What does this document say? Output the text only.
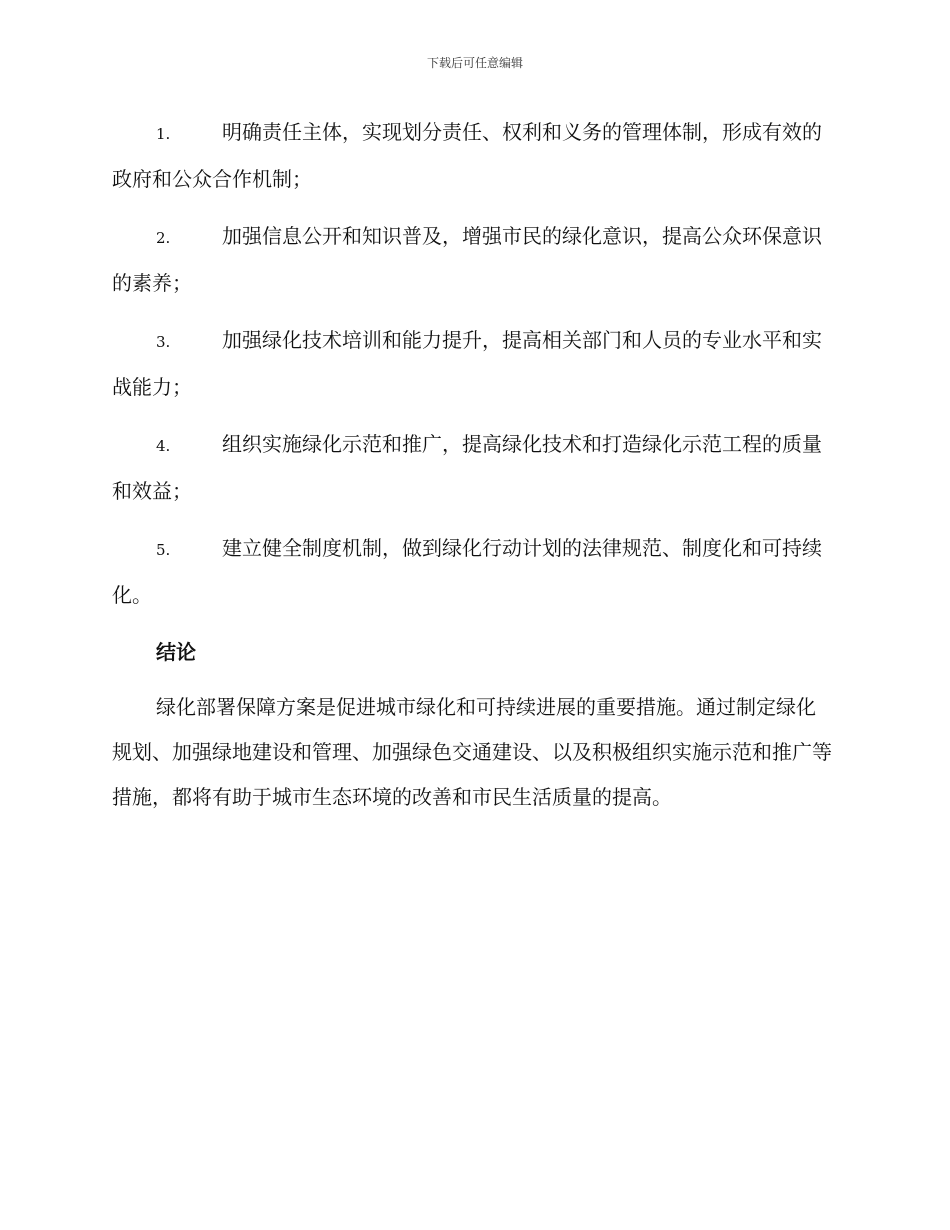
下载后可任意编辑

1.	明确责任主体，实现划分责任、权利和义务的管理体制，形成有效的政府和公众合作机制；

2.	加强信息公开和知识普及，增强市民的绿化意识，提高公众环保意识的素养；

3.	加强绿化技术培训和能力提升，提高相关部门和人员的专业水平和实战能力；

4.	组织实施绿化示范和推广，提高绿化技术和打造绿化示范工程的质量和效益；

5.	建立健全制度机制，做到绿化行动计划的法律规范、制度化和可持续化。

结论

绿化部署保障方案是促进城市绿化和可持续进展的重要措施。通过制定绿化规划、加强绿地建设和管理、加强绿色交通建设、以及积极组织实施示范和推广等措施，都将有助于城市生态环境的改善和市民生活质量的提高。
